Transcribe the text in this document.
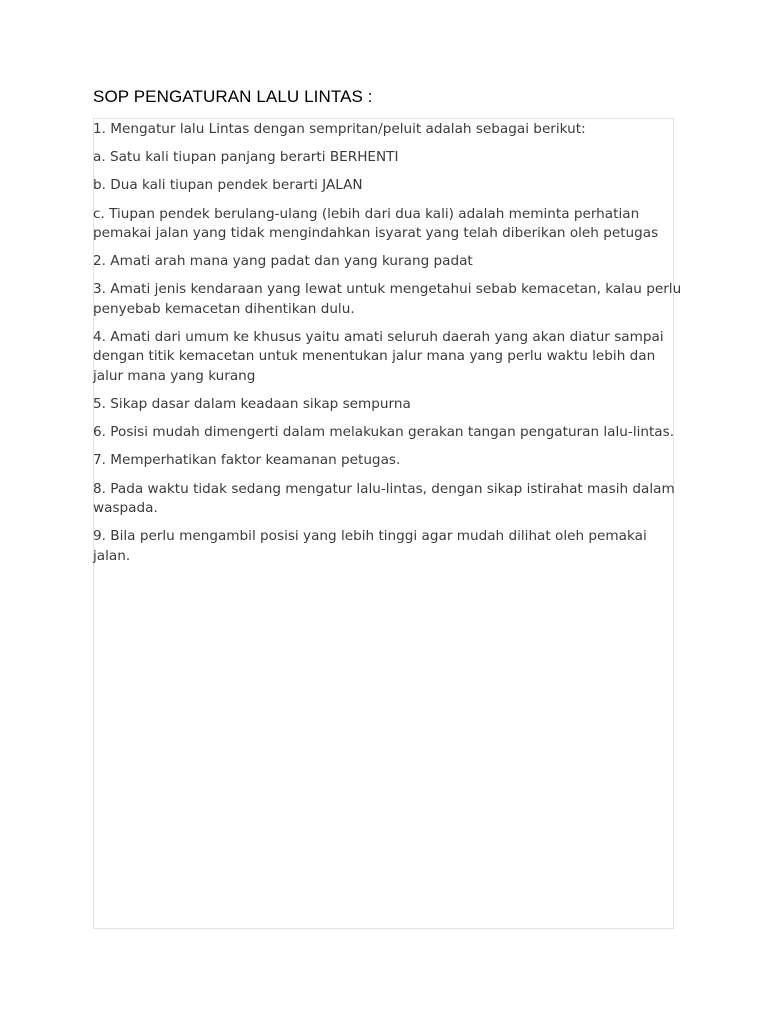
SOP PENGATURAN LALU LINTAS :

1. Mengatur lalu Lintas dengan sempritan/peluit adalah sebagai berikut:

a. Satu kali tiupan panjang berarti BERHENTI

b. Dua kali tiupan pendek berarti JALAN

c. Tiupan pendek berulang-ulang (lebih dari dua kali) adalah meminta perhatian pemakai jalan yang tidak mengindahkan isyarat yang telah diberikan oleh petugas

2. Amati arah mana yang padat dan yang kurang padat

3. Amati jenis kendaraan yang lewat untuk mengetahui sebab kemacetan, kalau perlu penyebab kemacetan dihentikan dulu.

4. Amati dari umum ke khusus yaitu amati seluruh daerah yang akan diatur sampai dengan titik kemacetan untuk menentukan jalur mana yang perlu waktu lebih dan jalur mana yang kurang

5. Sikap dasar dalam keadaan sikap sempurna

6. Posisi mudah dimengerti dalam melakukan gerakan tangan pengaturan lalu-lintas.

7. Memperhatikan faktor keamanan petugas.

8. Pada waktu tidak sedang mengatur lalu-lintas, dengan sikap istirahat masih dalam waspada.

9. Bila perlu mengambil posisi yang lebih tinggi agar mudah dilihat oleh pemakai jalan.
